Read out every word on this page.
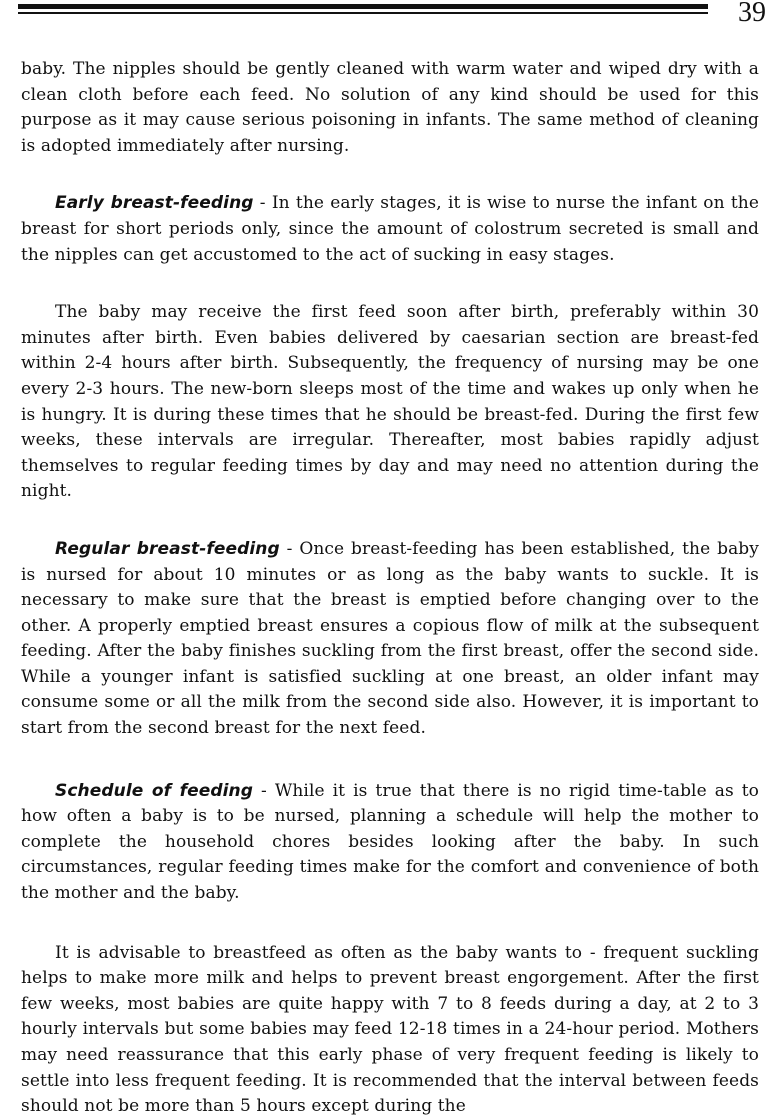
39

baby. The nipples should be gently cleaned with warm water and wiped dry with a clean cloth before each feed. No solution of any kind should be used for this purpose as it may cause serious poisoning in infants. The same method of cleaning is adopted immediately after nursing.

Early breast-feeding - In the early stages, it is wise to nurse the infant on the breast for short periods only, since the amount of colostrum secreted is small and the nipples can get accustomed to the act of sucking in easy stages.

The baby may receive the first feed soon after birth, preferably within 30 minutes after birth. Even babies delivered by caesarian section are breast-fed within 2-4 hours after birth. Subsequently, the frequency of nursing may be one every 2-3 hours. The new-born sleeps most of the time and wakes up only when he is hungry. It is during these times that he should be breast-fed. During the first few weeks, these intervals are irregular. Thereafter, most babies rapidly adjust themselves to regular feeding times by day and may need no attention during the night.

Regular breast-feeding - Once breast-feeding has been established, the baby is nursed for about 10 minutes or as long as the baby wants to suckle. It is necessary to make sure that the breast is emptied before changing over to the other. A properly emptied breast ensures a copious flow of milk at the subsequent feeding. After the baby finishes suckling from the first breast, offer the second side. While a younger infant is satisfied suckling at one breast, an older infant may consume some or all the milk from the second side also. However, it is important to start from the second breast for the next feed.

Schedule of feeding - While it is true that there is no rigid time-table as to how often a baby is to be nursed, planning a schedule will help the mother to complete the household chores besides looking after the baby. In such circumstances, regular feeding times make for the comfort and convenience of both the mother and the baby.

It is advisable to breastfeed as often as the baby wants to - frequent suckling helps to make more milk and helps to prevent breast engorgement. After the first few weeks, most babies are quite happy with 7 to 8 feeds during a day, at 2 to 3 hourly intervals but some babies may feed 12-18 times in a 24-hour period. Mothers may need reassurance that this early phase of very frequent feeding is likely to settle into less frequent feeding. It is recommended that the interval between feeds should not be more than 5 hours except during the
